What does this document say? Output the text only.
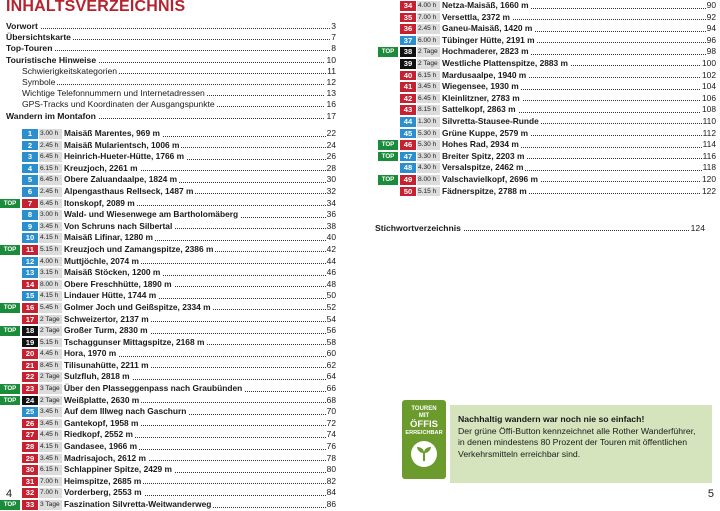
INHALTSVERZEICHNIS
Vorwort	3
Übersichtskarte	7
Top-Touren	8
Touristische Hinweise	10
Schwierigkeitskategorien	11
Symbole	12
Wichtige Telefonnummern und Internetadressen	13
GPS-Tracks und Koordinaten der Ausgangspunkte	16
Wandern im Montafon	17
1	3.00 h Maisäß Marentes, 969 m	22
2	2.45 h Maisäß Mularientsch, 1006 m	24
3	6.45 h Heinrich-Hueter-Hütte, 1766 m	26
4	6.15 h Kreuzjoch, 2261 m	28
5	6.45 h Obere Zaluandaalpe, 1824 m	30
6	2.45 h Alpengasthaus Rellseck, 1487 m	32
TOP	7	6.45 h Itonskopf, 2089 m	34
8	3.00 h Wald- und Wiesenwege am Bartholomäberg	36
9	3.45 h Von Schruns nach Silbertal	38
10 4.15 h Maisäß Lifinar, 1280 m	40
TOP	11 5.15 h Kreuzjoch und Zamangspitze, 2386 m	42
12 4.00 h Muttjöchle, 2074 m	44
13 3.15 h Maisäß Stöcken, 1200 m	46
14 8.00 h Obere Freschhütte, 1890 m	48
15 4.15 h Lindauer Hütte, 1744 m	50
TOP	16 5.45 h Golmer Joch und Geißspitze, 2334 m	52
17 2 Tage Schweizertor, 2137 m	54
TOP	18 2 Tage Großer Turm, 2830 m	56
19 5.15 h Tschaggunser Mittagspitze, 2168 m	58
20 4.45 h Hora, 1970 m	60
21 8.45 h Tilisunahütte, 2211 m	62
22 2 Tage Sulzfluh, 2818 m	64
TOP	23 3 Tage Über den Plasseggenpass nach Graubünden	66
TOP	24 2 Tage Weißplatte, 2630 m	68
25 3.45 h Auf dem Illweg nach Gaschurn	70
26 3.45 h Gantekopf, 1958 m	72
27 4.45 h Riedkopf, 2552 m	74
28 4.15 h Gandasee, 1966 m	76
29 3.45 h Madrisajoch, 2612 m	78
30 6.15 h Schlappiner Spitze, 2429 m	80
31 7.00 h Heimspitze, 2685 m	82
32 7.00 h Vorderberg, 2553 m	84
TOP	33 3 Tage Faszination Silvretta-Weitwanderweg	86
4
34 4.00 h Netza-Maisäß, 1660 m	90
35 7.00 h Versettla, 2372 m	92
36 2.45 h Ganeu-Maisäß, 1420 m	94
37 6.00 h Tübinger Hütte, 2191 m	96
TOP	38 2 Tage Hochmaderer, 2823 m	98
39 2 Tage Westliche Plattenspitze, 2883 m	100
40 6.15 h Mardusaalpe, 1940 m	102
41 3.45 h Wiegensee, 1930 m	104
42 6.45 h Kleinlitzner, 2783 m	106
43 8.15 h Sattelkopf, 2863 m	108
44 1.30 h Silvretta-Stausee-Runde	110
45 5.30 h Grüne Kuppe, 2579 m	112
TOP	46 5.30 h Hohes Rad, 2934 m	114
TOP	47 3.30 h Breiter Spitz, 2203 m	116
48 4.30 h Versalspitze, 2462 m	118
TOP	49 8.00 h Valschavielkopf, 2696 m	120
50 5.15 h Fädnerspitze, 2788 m	122
5
Stichwortverzeichnis	124
TOUREN
MIT
ÖFFIS
ERREICHBAR

Nachhaltig wandern war noch nie so einfach!
Der grüne Öffi-Button kennzeichnet alle Rother Wanderführer, in denen mindestens 80 Prozent der Touren mit öffentlichen Verkehrsmitteln erreichbar sind.
